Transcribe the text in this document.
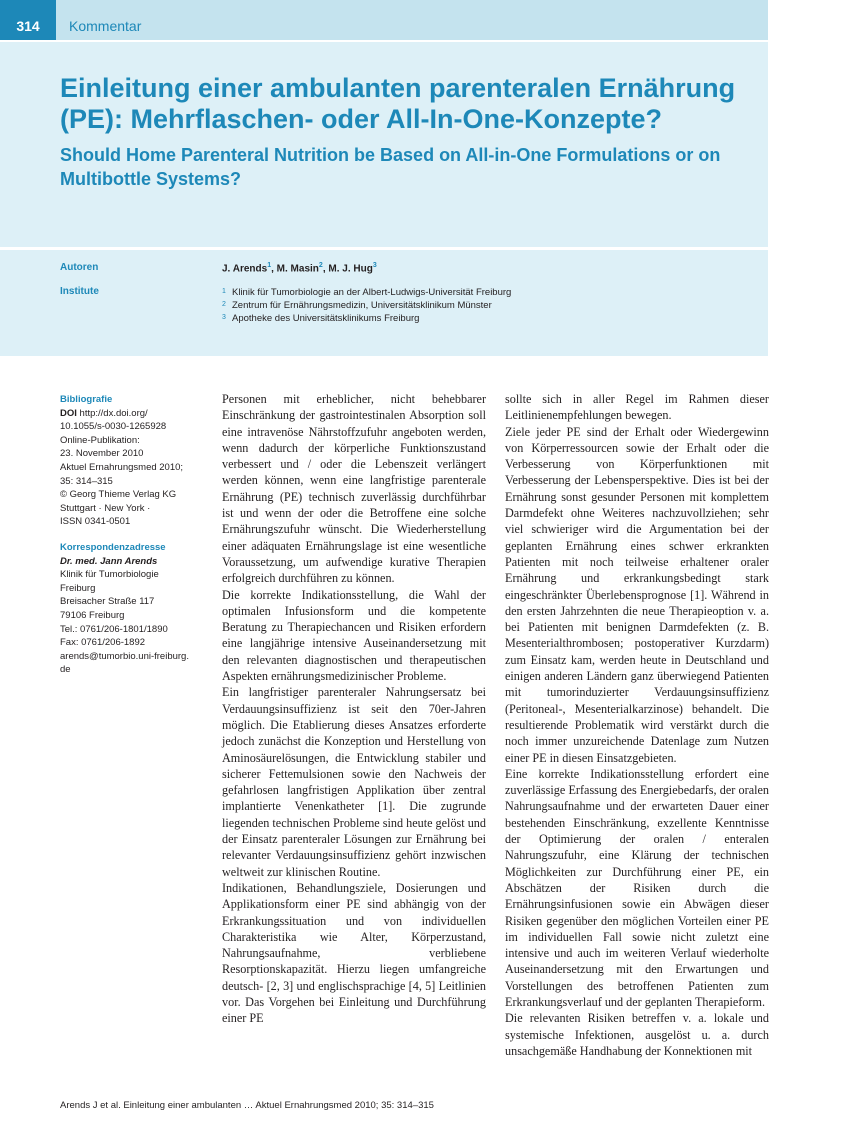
314	Kommentar
Einleitung einer ambulanten parenteralen Ernährung (PE): Mehrflaschen- oder All-In-One-Konzepte?
Should Home Parenteral Nutrition be Based on All-in-One Formulations or on Multibottle Systems?
Autoren
Institute
J. Arends$^1$, M. Masin$^2$, M. J. Hug$^3$
1 Klinik für Tumorbiologie an der Albert-Ludwigs-Universität Freiburg
2 Zentrum für Ernährungsmedizin, Universitätsklinikum Münster
3 Apotheke des Universitätsklinikums Freiburg
Bibliografie
DOI http://dx.doi.org/
10.1055/s-0030-1265928
Online-Publikation:
23. November 2010
Aktuel Ernahrungsmed 2010;
35: 314–315
© Georg Thieme Verlag KG
Stuttgart · New York ·
ISSN 0341-0501
Korrespondenzadresse
Dr. med. Jann Arends
Klinik für Tumorbiologie
Freiburg
Breisacher Straße 117
79106 Freiburg
Tel.: 0761/206-1801/1890
Fax: 0761/206-1892
arends@tumorbio.uni-freiburg.
de

Personen mit erheblicher, nicht behebbarer Einschränkung der gastrointestinalen Absorption soll eine intravenöse Nährstoffzufuhr angeboten werden, wenn dadurch der körperliche Funktionszustand verbessert und / oder die Lebenszeit verlängert werden können, wenn eine langfristige parenterale Ernährung (PE) technisch zuverlässig durchführbar ist und wenn der oder die Betroffene eine solche Ernährungszufuhr wünscht. Die Wiederherstellung einer adäquaten Ernährungslage ist eine wesentliche Voraussetzung, um aufwendige kurative Therapien erfolgreich durchführen zu können.

Die korrekte Indikationsstellung, die Wahl der optimalen Infusionsform und die kompetente Beratung zu Therapiechancen und Risiken erfordern eine langjährige intensive Auseinandersetzung mit den relevanten diagnostischen und therapeutischen Aspekten ernährungsmedizinischer Probleme.

Ein langfristiger parenteraler Nahrungsersatz bei Verdauungsinsuffizienz ist seit den 70er-Jahren möglich. Die Etablierung dieses Ansatzes erforderte jedoch zunächst die Konzeption und Herstellung von Aminosäurelösungen, die Entwicklung stabiler und sicherer Fettemulsionen sowie den Nachweis der gefahrlosen langfristigen Applikation über zentral implantierte Venenkatheter [1]. Die zugrunde liegenden technischen Probleme sind heute gelöst und der Einsatz parenteraler Lösungen zur Ernährung bei relevanter Verdauungsinsuffizienz gehört inzwischen weltweit zur klinischen Routine.

Indikationen, Behandlungsziele, Dosierungen und Applikationsform einer PE sind abhängig von der Erkrankungssituation und von individuellen Charakteristika wie Alter, Körperzustand, Nahrungsaufnahme, verbliebene Resorptionskapazität. Hierzu liegen umfangreiche deutsch- [2, 3] und englischsprachige [4, 5] Leitlinien vor. Das Vorgehen bei Einleitung und Durchführung einer PE

sollte sich in aller Regel im Rahmen dieser Leitlinienempfehlungen bewegen.

Ziele jeder PE sind der Erhalt oder Wiedergewinn von Körperressourcen sowie der Erhalt oder die Verbesserung von Körperfunktionen mit Verbesserung der Lebensperspektive. Dies ist bei der Ernährung sonst gesunder Personen mit komplettem Darmdefekt ohne Weiteres nachzuvollziehen; sehr viel schwieriger wird die Argumentation bei der geplanten Ernährung eines schwer erkrankten Patienten mit noch teilweise erhaltener oraler Ernährung und erkrankungsbedingt stark eingeschränkter Überlebensprognose [1]. Während in den ersten Jahrzehnten die neue Therapieoption v. a. bei Patienten mit benignen Darmdefekten (z. B. Mesenterialthrombosen; postoperativer Kurzdarm) zum Einsatz kam, werden heute in Deutschland und einigen anderen Ländern ganz überwiegend Patienten mit tumorinduzierter Verdauungsinsuffizienz (Peritoneal-, Mesenterialkarzinose) behandelt. Die resultierende Problematik wird verstärkt durch die noch immer unzureichende Datenlage zum Nutzen einer PE in diesen Einsatzgebieten.

Eine korrekte Indikationsstellung erfordert eine zuverlässige Erfassung des Energiebedarfs, der oralen Nahrungsaufnahme und der erwarteten Dauer einer bestehenden Einschränkung, exzellente Kenntnisse der Optimierung der oralen / enteralen Nahrungszufuhr, eine Klärung der technischen Möglichkeiten zur Durchführung einer PE, ein Abschätzen der Risiken durch die Ernährungsinfusionen sowie ein Abwägen dieser Risiken gegenüber den möglichen Vorteilen einer PE im individuellen Fall sowie nicht zuletzt eine intensive und auch im weiteren Verlauf wiederholte Auseinandersetzung mit den Erwartungen und Vorstellungen des betroffenen Patienten zum Erkrankungsverlauf und der geplanten Therapieform.

Die relevanten Risiken betreffen v. a. lokale und systemische Infektionen, ausgelöst u. a. durch unsachgemäße Handhabung der Konnektionen mit

Arends J et al. Einleitung einer ambulanten … Aktuel Ernahrungsmed 2010; 35: 314–315
